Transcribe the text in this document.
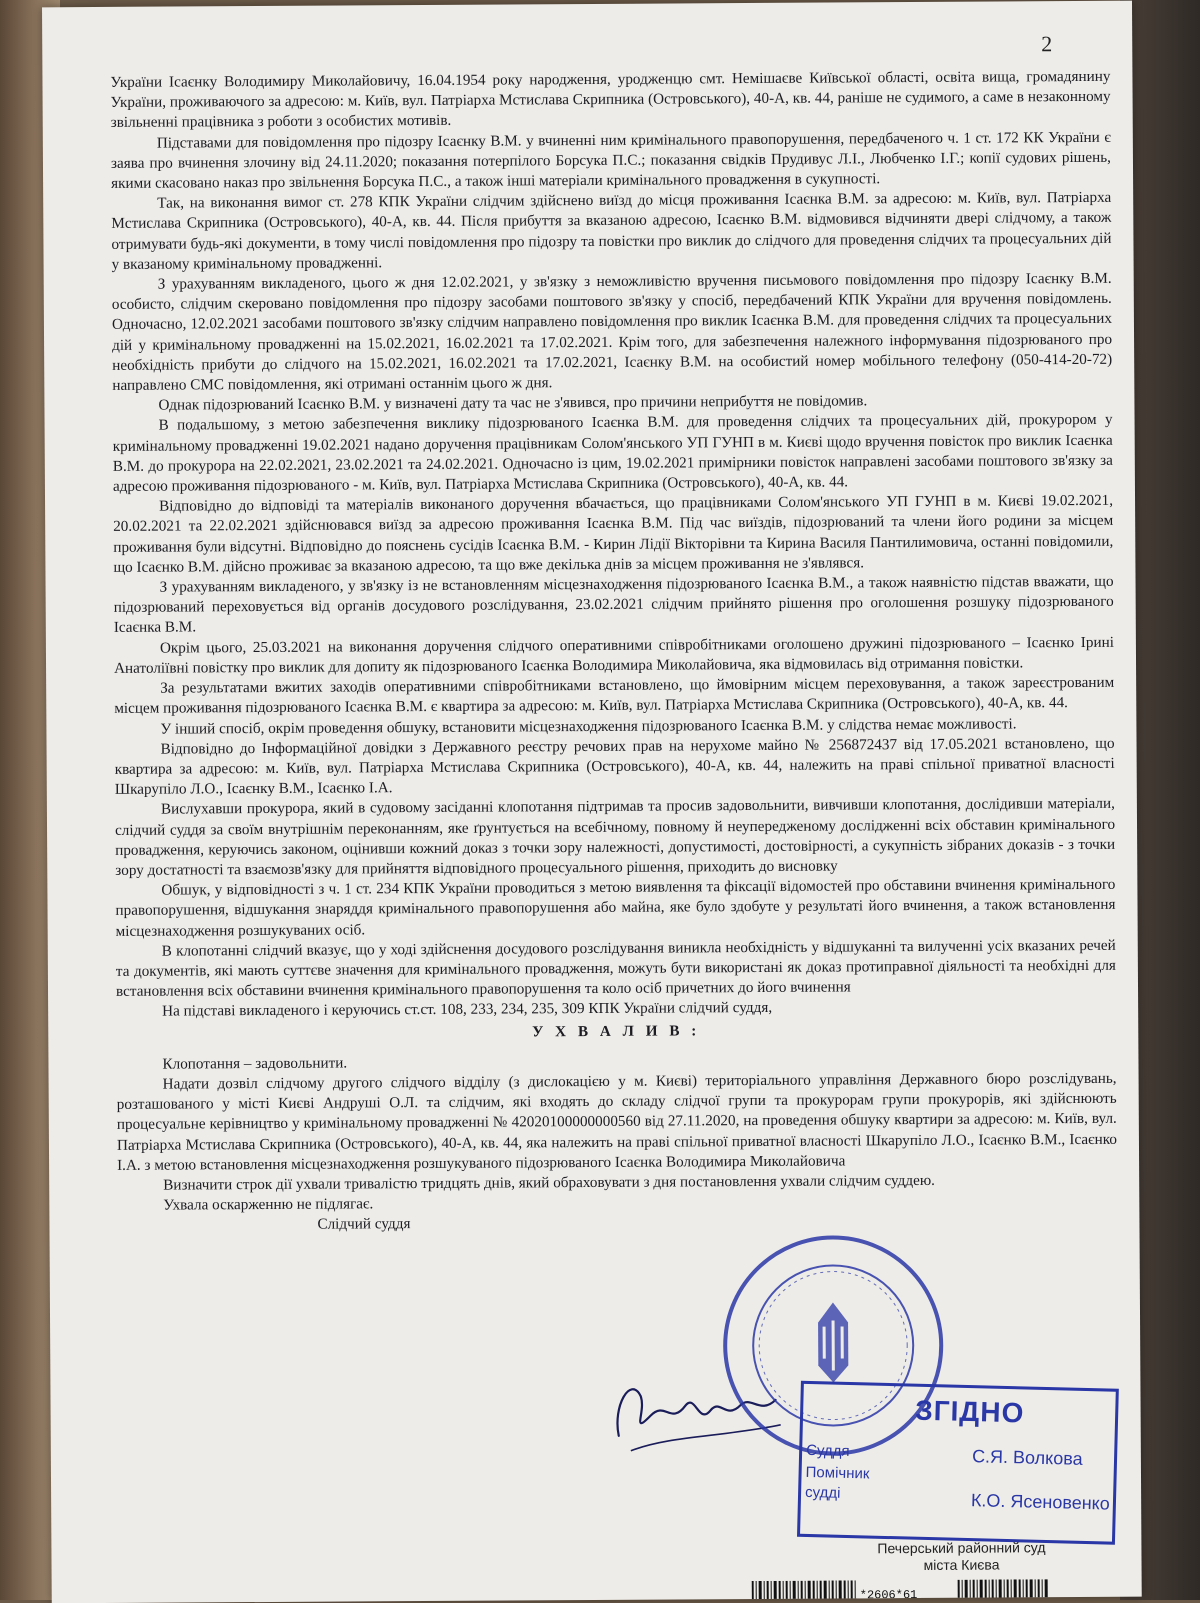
2

України Ісаєнку Володимиру Миколайовичу, 16.04.1954 року народження, уродженцю смт. Немішаєве Київської області, освіта вища, громадянину України, проживаючого за адресою: м. Київ, вул. Патріарха Мстислава Скрипника (Островського), 40-А, кв. 44, раніше не судимого, а саме в незаконному звільненні працівника з роботи з особистих мотивів.

Підставами для повідомлення про підозру Ісаєнку В.М. у вчиненні ним кримінального правопорушення, передбаченого ч. 1 ст. 172 КК України є заява про вчинення злочину від 24.11.2020; показання потерпілого Борсука П.С.; показання свідків Прудивус Л.І., Любченко І.Г.; копії судових рішень, якими скасовано наказ про звільнення Борсука П.С., а також інші матеріали кримінального провадження в сукупності.

Так, на виконання вимог ст. 278 КПК України слідчим здійснено виїзд до місця проживання Ісаєнка В.М. за адресою: м. Київ, вул. Патріарха Мстислава Скрипника (Островського), 40-А, кв. 44. Після прибуття за вказаною адресою, Ісаєнко В.М. відмовився відчиняти двері слідчому, а також отримувати будь-які документи, в тому числі повідомлення про підозру та повістки про виклик до слідчого для проведення слідчих та процесуальних дій у вказаному кримінальному провадженні.

З урахуванням викладеного, цього ж дня 12.02.2021, у зв'язку з неможливістю вручення письмового повідомлення про підозру Ісаєнку В.М. особисто, слідчим скеровано повідомлення про підозру засобами поштового зв'язку у спосіб, передбачений КПК України для вручення повідомлень. Одночасно, 12.02.2021 засобами поштового зв'язку слідчим направлено повідомлення про виклик Ісаєнка В.М. для проведення слідчих та процесуальних дій у кримінальному провадженні на 15.02.2021, 16.02.2021 та 17.02.2021. Крім того, для забезпечення належного інформування підозрюваного про необхідність прибути до слідчого на 15.02.2021, 16.02.2021 та 17.02.2021, Ісаєнку В.М. на особистий номер мобільного телефону (050-414-20-72) направлено СМС повідомлення, які отримані останнім цього ж дня.

Однак підозрюваний Ісаєнко В.М. у визначені дату та час не з'явився, про причини неприбуття не повідомив.

В подальшому, з метою забезпечення виклику підозрюваного Ісаєнка В.М. для проведення слідчих та процесуальних дій, прокурором у кримінальному провадженні 19.02.2021 надано доручення працівникам Солом'янського УП ГУНП в м. Києві щодо вручення повісток про виклик Ісаєнка В.М. до прокурора на 22.02.2021, 23.02.2021 та 24.02.2021. Одночасно із цим, 19.02.2021 примірники повісток направлені засобами поштового зв'язку за адресою проживання підозрюваного - м. Київ, вул. Патріарха Мстислава Скрипника (Островського), 40-А, кв. 44.

Відповідно до відповіді та матеріалів виконаного доручення вбачається, що працівниками Солом'янського УП ГУНП в м. Києві 19.02.2021, 20.02.2021 та 22.02.2021 здійснювався виїзд за адресою проживання Ісаєнка В.М. Під час виїздів, підозрюваний та члени його родини за місцем проживання були відсутні. Відповідно до пояснень сусідів Ісаєнка В.М. - Кирин Лідії Вікторівни та Кирина Василя Пантилимовича, останні повідомили, що Ісаєнко В.М. дійсно проживає за вказаною адресою, та що вже декілька днів за місцем проживання не з'являвся.

З урахуванням викладеного, у зв'язку із не встановленням місцезнаходження підозрюваного Ісаєнка В.М., а також наявністю підстав вважати, що підозрюваний переховується від органів досудового розслідування, 23.02.2021 слідчим прийнято рішення про оголошення розшуку підозрюваного Ісаєнка В.М.

Окрім цього, 25.03.2021 на виконання доручення слідчого оперативними співробітниками оголошено дружині підозрюваного – Ісаєнко Ірині Анатоліївні повістку про виклик для допиту як підозрюваного Ісаєнка Володимира Миколайовича, яка відмовилась від отримання повістки.

За результатами вжитих заходів оперативними співробітниками встановлено, що ймовірним місцем переховування, а також зареєстрованим місцем проживання підозрюваного Ісаєнка В.М. є квартира за адресою: м. Київ, вул. Патріарха Мстислава Скрипника (Островського), 40-А, кв. 44.

У інший спосіб, окрім проведення обшуку, встановити місцезнаходження підозрюваного Ісаєнка В.М. у слідства немає можливості.

Відповідно до Інформаційної довідки з Державного реєстру речових прав на нерухоме майно № 256872437 від 17.05.2021 встановлено, що квартира за адресою: м. Київ, вул. Патріарха Мстислава Скрипника (Островського), 40-А, кв. 44, належить на праві спільної приватної власності Шкарупіло Л.О., Ісаєнку В.М., Ісаєнко І.А.

Вислухавши прокурора, який в судовому засіданні клопотання підтримав та просив задовольнити, вивчивши клопотання, дослідивши матеріали, слідчий суддя за своїм внутрішнім переконанням, яке ґрунтується на всебічному, повному й неупередженому дослідженні всіх обставин кримінального провадження, керуючись законом, оцінивши кожний доказ з точки зору належності, допустимості, достовірності, а сукупність зібраних доказів - з точки зору достатності та взаємозв'язку для прийняття відповідного процесуального рішення, приходить до висновку

Обшук, у відповідності з ч. 1 ст. 234 КПК України проводиться з метою виявлення та фіксації відомостей про обставини вчинення кримінального правопорушення, відшукання знаряддя кримінального правопорушення або майна, яке було здобуте у результаті його вчинення, а також встановлення місцезнаходження розшукуваних осіб.

В клопотанні слідчий вказує, що у ході здійснення досудового розслідування виникла необхідність у відшуканні та вилученні усіх вказаних речей та документів, які мають суттєве значення для кримінального провадження, можуть бути використані як доказ протиправної діяльності та необхідні для встановлення всіх обставини вчинення кримінального правопорушення та коло осіб причетних до його вчинення

На підставі викладеного і керуючись ст.ст. 108, 233, 234, 235, 309 КПК України слідчий суддя,

У Х В А Л И В :

Клопотання – задовольнити.

Надати дозвіл слідчому другого слідчого відділу (з дислокацією у м. Києві) територіального управління Державного бюро розслідувань, розташованого у місті Києві Андруші О.Л. та слідчим, які входять до складу слідчої групи та прокурорам групи прокурорів, які здійснюють процесуальне керівництво у кримінальному провадженні № 42020100000000560 від 27.11.2020, на проведення обшуку квартири за адресою: м. Київ, вул. Патріарха Мстислава Скрипника (Островського), 40-А, кв. 44, яка належить на праві спільної приватної власності Шкарупіло Л.О., Ісаєнко В.М., Ісаєнко І.А. з метою встановлення місцезнаходження розшукуваного підозрюваного Ісаєнка Володимира Миколайовича

Визначити строк дії ухвали тривалістю тридцять днів, який обраховувати з дня постановлення ухвали слідчим суддею.

Ухвала оскарженню не підлягає.

Слідчий суддя

ЗГІДНО
Суддя	С.Я. Волкова
Помічник
судді	К.О. Ясеновенко
Печерський районний суд
міста Києва
*2606*61
